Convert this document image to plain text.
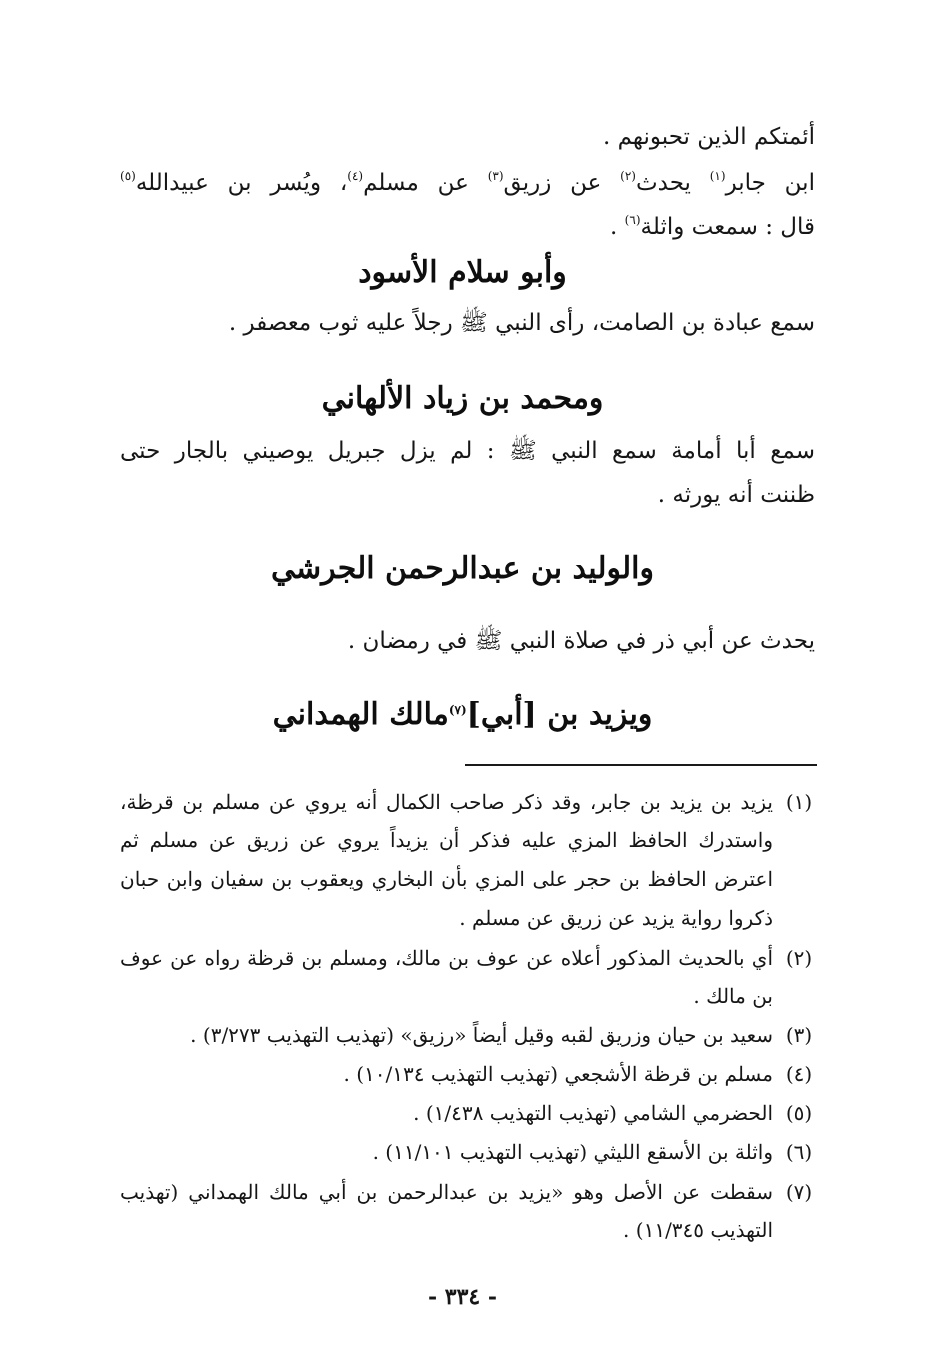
أئمتكم الذين تحبونهم .
ابن جابر$^{(١)}$ يحدث$^{(٢)}$ عن زريق$^{(٣)}$ عن مسلم$^{(٤)}$، ويُسر بن عبيدالله$^{(٥)}$
قال : سمعت واثلة$^{(٦)}$ .
وأبو سلام الأسود
سمع عبادة بن الصامت، رأى النبي ﷺ رجلاً عليه ثوب معصفر .
ومحمد بن زياد الألهاني
سمع أبا أمامة سمع النبي ﷺ : لم يزل جبريل يوصيني بالجار حتى
ظننت أنه يورثه .
والوليد بن عبدالرحمن الجرشي
يحدث عن أبي ذر في صلاة النبي ﷺ في رمضان .
ويزيد بن [أبي]$^{(٧)}$مالك الهمداني
(١)
يزيد بن يزيد بن جابر، وقد ذكر صاحب الكمال أنه يروي عن مسلم بن قرظة،
واستدرك الحافظ المزي عليه فذكر أن يزيداً يروي عن زريق عن مسلم ثم
اعترض الحافظ بن حجر على المزي بأن البخاري ويعقوب بن سفيان وابن حبان
ذكروا رواية يزيد عن زريق عن مسلم .
(٢)
أي بالحديث المذكور أعلاه عن عوف بن مالك، ومسلم بن قرظة رواه عن عوف
بن مالك .
(٣)
سعيد بن حيان وزريق لقبه وقيل أيضاً «رزيق» (تهذيب التهذيب ٣/٢٧٣) .
(٤)
مسلم بن قرظة الأشجعي (تهذيب التهذيب ١٠/١٣٤) .
(٥)
الحضرمي الشامي (تهذيب التهذيب ١/٤٣٨) .
(٦)
واثلة بن الأسقع الليثي (تهذيب التهذيب ١١/١٠١) .
(٧)
سقطت عن الأصل وهو «يزيد بن عبدالرحمن بن أبي مالك الهمداني (تهذيب
التهذيب ١١/٣٤٥) .
- ٣٣٤ -
